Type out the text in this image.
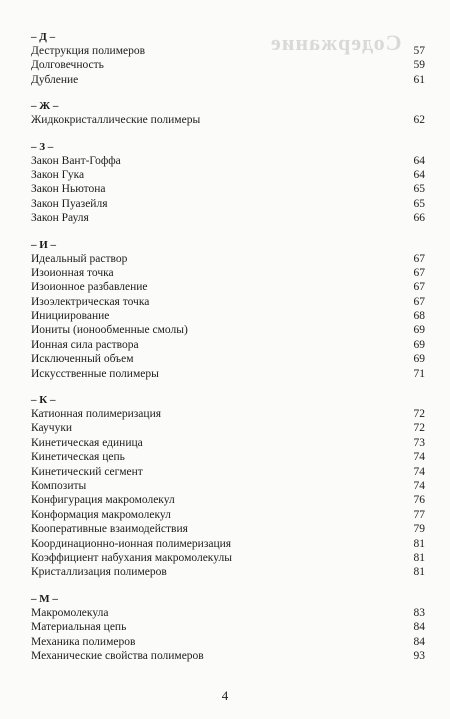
Содержание
– Д –
Деструкция полимеров	57
Долговечность	59
Дубление	61
– Ж –
Жидкокристаллические полимеры	62
– З –
Закон Вант-Гоффа	64
Закон Гука	64
Закон Ньютона	65
Закон Пуазейля	65
Закон Рауля	66
– И –
Идеальный раствор	67
Изоионная точка	67
Изоионное разбавление	67
Изоэлектрическая точка	67
Инициирование	68
Иониты (ионообменные смолы)	69
Ионная сила раствора	69
Исключенный объем	69
Искусственные полимеры	71
– К –
Катионная полимеризация	72
Каучуки	72
Кинетическая единица	73
Кинетическая цепь	74
Кинетический сегмент	74
Композиты	74
Конфигурация макромолекул	76
Конформация макромолекул	77
Кооперативные взаимодействия	79
Координационно-ионная полимеризация	81
Коэффициент набухания макромолекулы	81
Кристаллизация полимеров	81
– М –
Макромолекула	83
Материальная цепь	84
Механика полимеров	84
Механические свойства полимеров	93
4
